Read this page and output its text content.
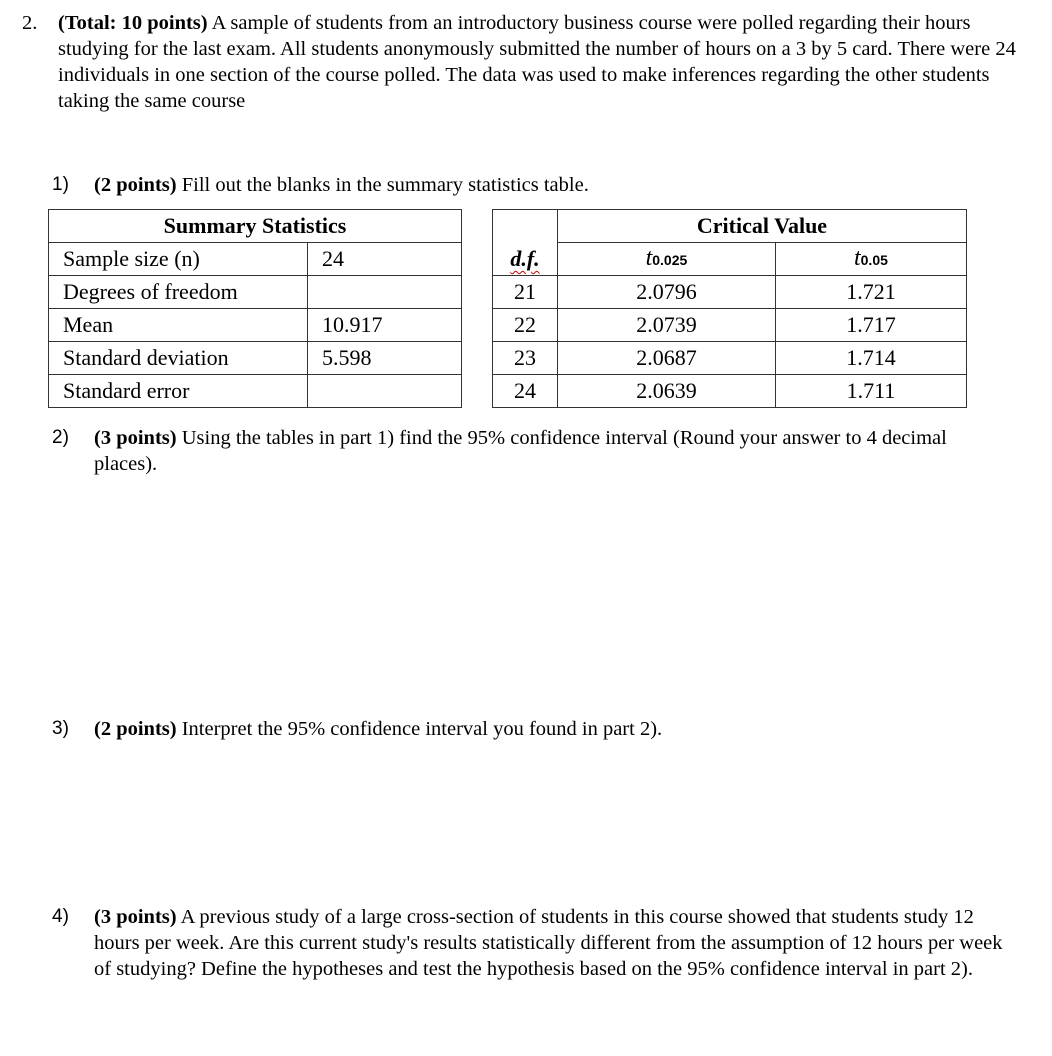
2. (Total: 10 points) A sample of students from an introductory business course were polled regarding their hours studying for the last exam. All students anonymously submitted the number of hours on a 3 by 5 card. There were 24 individuals in one section of the course polled. The data was used to make inferences regarding the other students taking the same course
1) (2 points) Fill out the blanks in the summary statistics table.
Summary Statistics	
Sample size (n)	24
Degrees of freedom	
Mean	10.917
Standard deviation	5.598
Standard error	
	Critical Value	
d.f.	t0.025	t0.05
21	2.0796	1.721
22	2.0739	1.717
23	2.0687	1.714
24	2.0639	1.711
2) (3 points) Using the tables in part 1) find the 95% confidence interval (Round your answer to 4 decimal places).
3) (2 points) Interpret the 95% confidence interval you found in part 2).
4) (3 points) A previous study of a large cross-section of students in this course showed that students study 12 hours per week. Are this current study's results statistically different from the assumption of 12 hours per week of studying? Define the hypotheses and test the hypothesis based on the 95% confidence interval in part 2).
